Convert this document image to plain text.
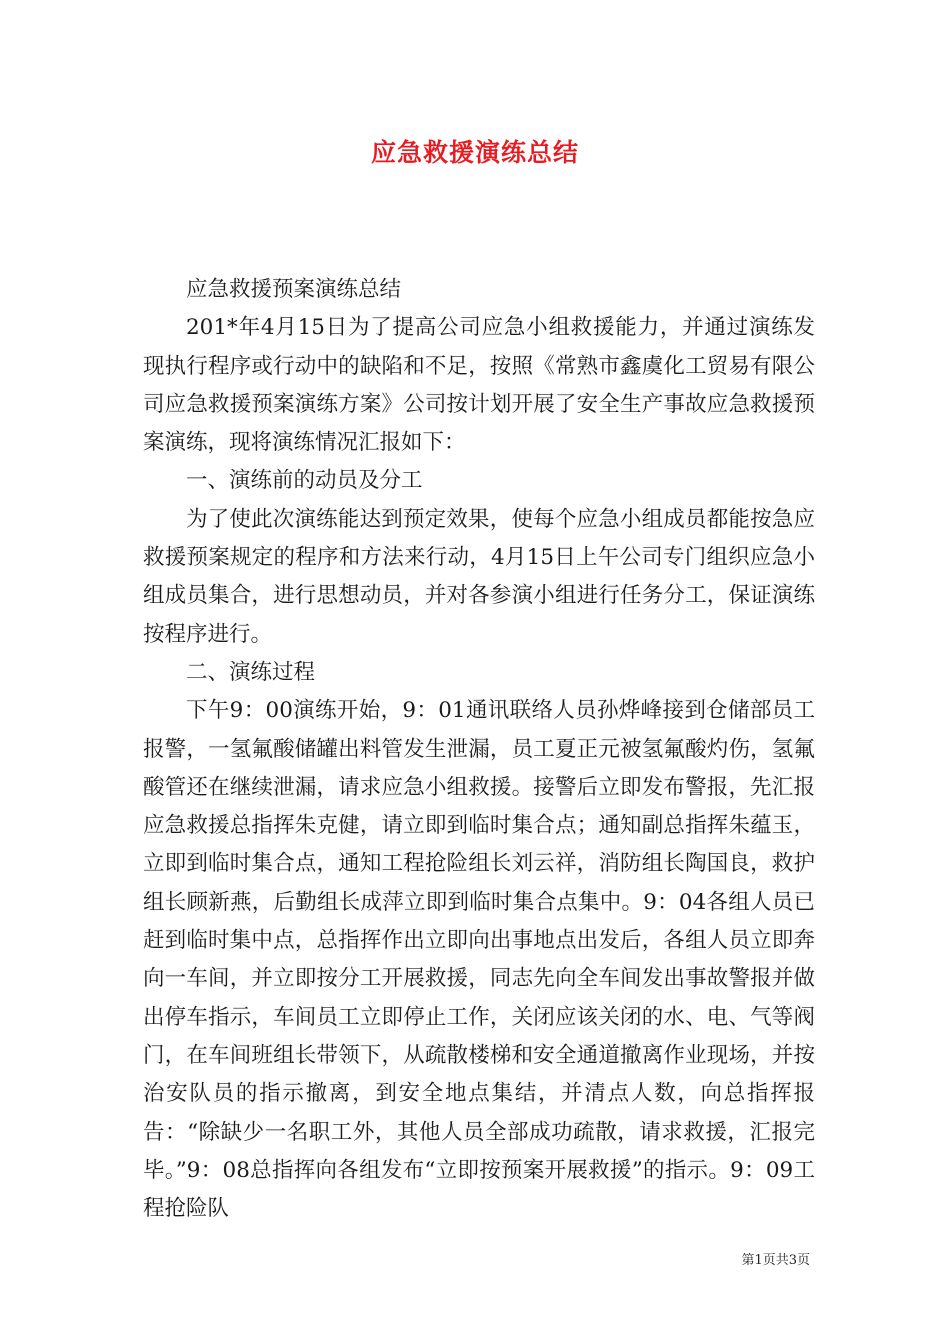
应急救援演练总结

应急救援预案演练总结

201*年4月15日为了提高公司应急小组救援能力，并通过演练发现执行程序或行动中的缺陷和不足，按照《常熟市鑫虞化工贸易有限公司应急救援预案演练方案》公司按计划开展了安全生产事故应急救援预案演练，现将演练情况汇报如下：

一、演练前的动员及分工

为了使此次演练能达到预定效果，使每个应急小组成员都能按急应救援预案规定的程序和方法来行动，4月15日上午公司专门组织应急小组成员集合，进行思想动员，并对各参演小组进行任务分工，保证演练按程序进行。

二、演练过程

下午9：00演练开始，9：01通讯联络人员孙烨峰接到仓储部员工报警，一氢氟酸储罐出料管发生泄漏，员工夏正元被氢氟酸灼伤，氢氟酸管还在继续泄漏，请求应急小组救援。接警后立即发布警报，先汇报应急救援总指挥朱克健，请立即到临时集合点；通知副总指挥朱蕴玉，立即到临时集合点，通知工程抢险组长刘云祥，消防组长陶国良，救护组长顾新燕，后勤组长成萍立即到临时集合点集中。9：04各组人员已赶到临时集中点，总指挥作出立即向出事地点出发后，各组人员立即奔向一车间，并立即按分工开展救援，同志先向全车间发出事故警报并做出停车指示，车间员工立即停止工作，关闭应该关闭的水、电、气等阀门，在车间班组长带领下，从疏散楼梯和安全通道撤离作业现场，并按治安队员的指示撤离，到安全地点集结，并清点人数，向总指挥报告：“除缺少一名职工外，其他人员全部成功疏散，请求救援，汇报完毕。”9：08总指挥向各组发布“立即按预案开展救援”的指示。9：09工程抢险队

第1页共3页
